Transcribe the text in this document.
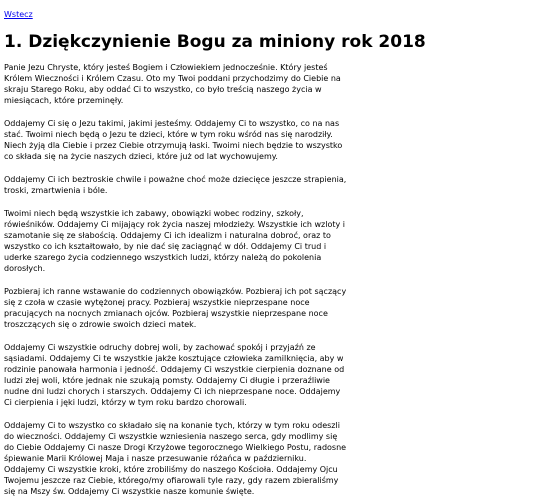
Wstecz
1. Dziękczynienie Bogu za miniony rok 2018

Panie Jezu Chryste, który jesteś Bogiem i Człowiekiem jednocześnie. Który jesteś Królem Wieczności i Królem Czasu. Oto my Twoi poddani przychodzimy do Ciebie na skraju Starego Roku, aby oddać Ci to wszystko, co było treścią naszego życia w miesiącach, które przeminęły.

Oddajemy Ci się o Jezu takimi, jakimi jesteśmy. Oddajemy Ci to wszystko, co na nas stać. Twoimi niech będą o Jezu te dzieci, które w tym roku wśród nas się narodziły. Niech żyją dla Ciebie i przez Ciebie otrzymują łaski. Twoimi niech będzie to wszystko co składa się na życie naszych dzieci, które już od lat wychowujemy.

Oddajemy Ci ich beztroskie chwile i poważne choć może dziecięce jeszcze strapienia, troski, zmartwienia i bóle.

Twoimi niech będą wszystkie ich zabawy, obowiązki wobec rodziny, szkoły, rówieśników. Oddajemy Ci mijający rok życia naszej młodzieży. Wszystkie ich wzloty i szamotanie się ze słabością. Oddajemy Ci ich idealizm i naturalna dobroć, oraz to wszystko co ich kształtowało, by nie dać się zaciągnąć w dół. Oddajemy Ci trud i uderke szarego życia codziennego wszystkich ludzi, którzy należą do pokolenia dorosłych.

Pozbieraj ich ranne wstawanie do codziennych obowiązków. Pozbieraj ich pot sączący się z czoła w czasie wytężonej pracy. Pozbieraj wszystkie nieprzespane noce pracujących na nocnych zmianach ojców. Pozbieraj wszystkie nieprzespane noce troszczących się o zdrowie swoich dzieci matek.

Oddajemy Ci wszystkie odruchy dobrej woli, by zachować spokój i przyjaźń ze sąsiadami. Oddajemy Ci te wszystkie jakże kosztujące człowieka zamilknięcia, aby w rodzinie panowała harmonia i jedność. Oddajemy Ci wszystkie cierpienia doznane od ludzi złej woli, które jednak nie szukają pomsty. Oddajemy Ci długie i przeraźliwie nudne dni ludzi chorych i starszych. Oddajemy Ci ich nieprzespane noce. Oddajemy Ci cierpienia i jęki ludzi, którzy w tym roku bardzo chorowali.

Oddajemy Ci to wszystko co składało się na konanie tych, którzy w tym roku odeszli do wieczności. Oddajemy Ci wszystkie wzniesienia naszego serca, gdy modlimy się do Ciebie Oddajemy Ci nasze Drogi Krzyżowe tegorocznego Wielkiego Postu, radosne śpiewanie Marii Królowej Maja i nasze przesuwanie różańca w październiku. Oddajemy Ci wszystkie kroki, które zrobiliśmy do naszego Kościoła. Oddajemy Ojcu Twojemu jeszcze raz Ciebie, którego/my ofiarowali tyle razy, gdy razem zbieraliśmy się na Mszy św. Oddajemy Ci wszystkie nasze komunie święte.
